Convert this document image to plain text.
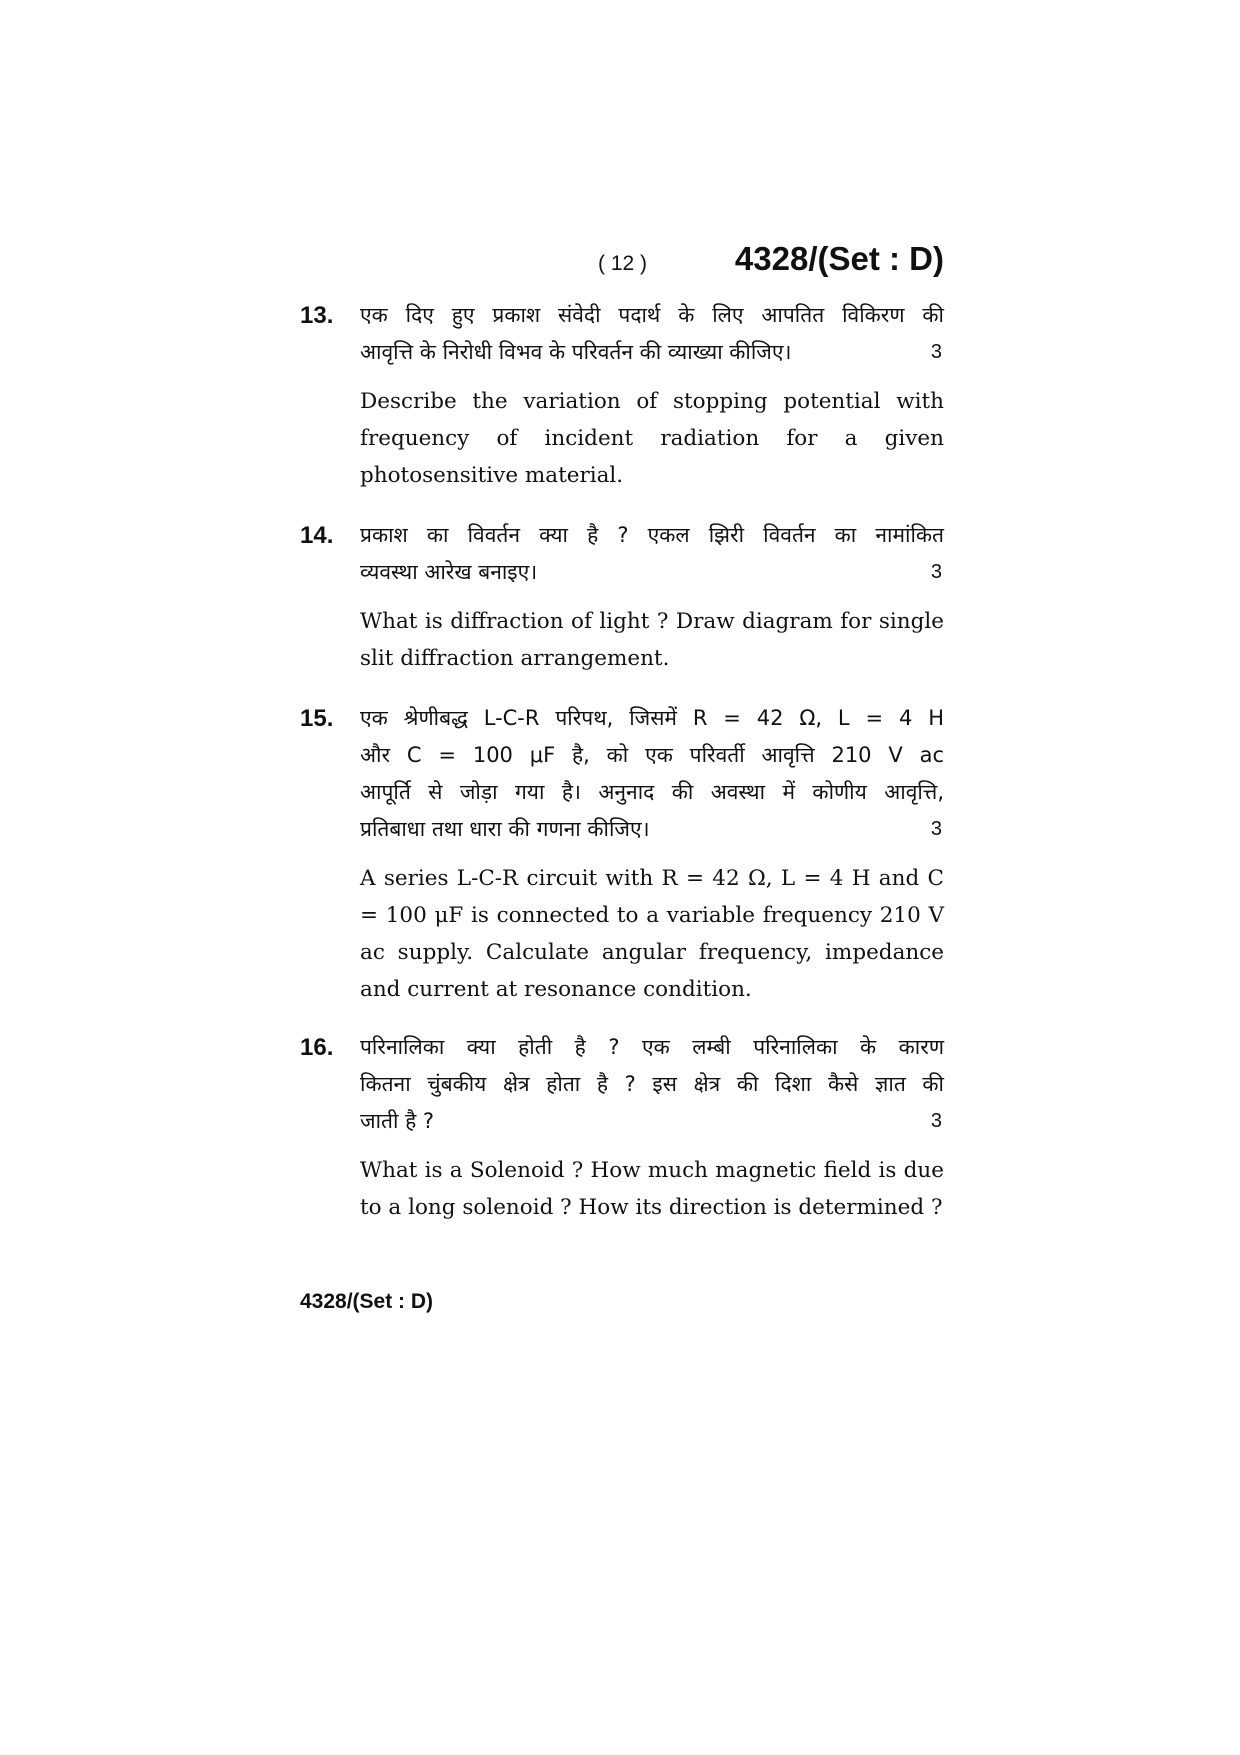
( 12 )	4328/(Set : D)
13. एक दिए हुए प्रकाश संवेदी पदार्थ के लिए आपतित विकिरण की
आवृत्ति के निरोधी विभव के परिवर्तन की व्याख्या कीजिए।	3
Describe the variation of stopping potential with frequency of incident radiation for a given photosensitive material.
14. प्रकाश का विवर्तन क्या है ? एकल झिरी विवर्तन का नामांकित
व्यवस्था आरेख बनाइए।	3
What is diffraction of light ? Draw diagram for single slit diffraction arrangement.
15. एक श्रेणीबद्ध L-C-R परिपथ, जिसमें R = 42 Ω, L = 4 H
और C = 100 μF है, को एक परिवर्ती आवृत्ति 210 V ac
आपूर्ति से जोड़ा गया है। अनुनाद की अवस्था में कोणीय आवृत्ति,
प्रतिबाधा तथा धारा की गणना कीजिए।	3
A series L-C-R circuit with R = 42 Ω, L = 4 H and C = 100 μF is connected to a variable frequency 210 V ac supply. Calculate angular frequency, impedance and current at resonance condition.
16. परिनालिका क्या होती है ? एक लम्बी परिनालिका के कारण
कितना चुंबकीय क्षेत्र होता है ? इस क्षेत्र की दिशा कैसे ज्ञात की
जाती है ?	3
What is a Solenoid ? How much magnetic field is due to a long solenoid ? How its direction is determined ?
4328/(Set : D)
